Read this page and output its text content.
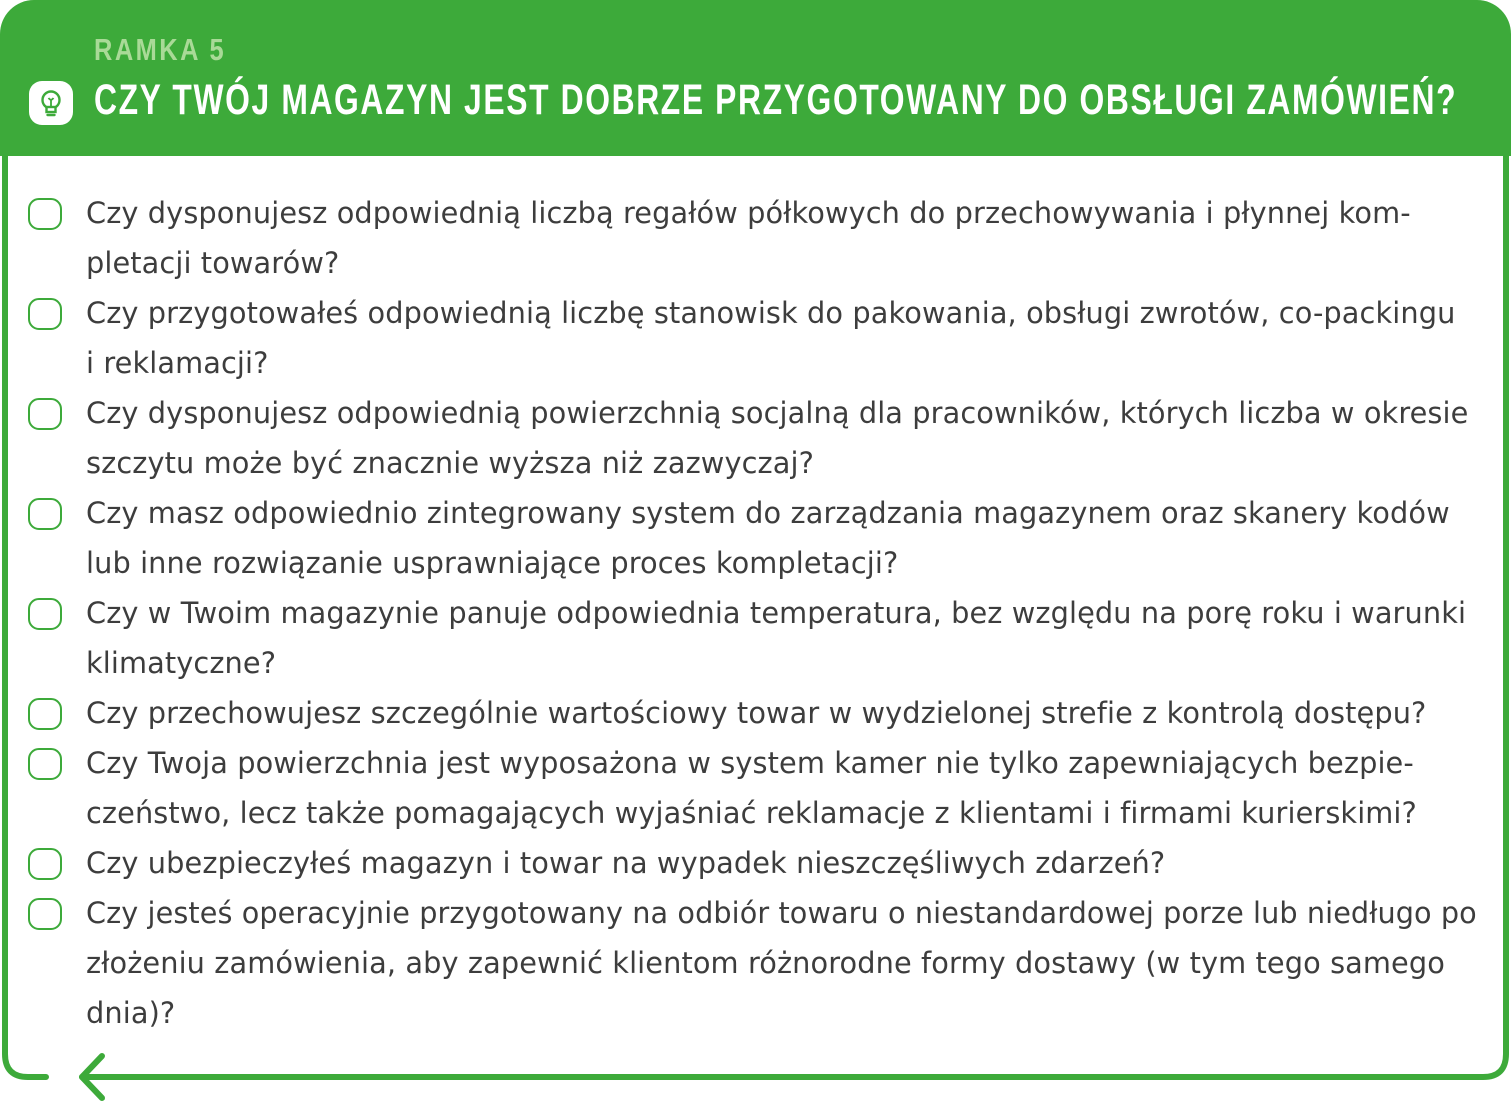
RAMKA 5
CZY TWÓJ MAGAZYN JEST DOBRZE PRZYGOTOWANY DO OBSŁUGI ZAMÓWIEŃ?
Czy dysponujesz odpowiednią liczbą regałów półkowych do przechowywania i płynnej kom-
pletacji towarów?
Czy przygotowałeś odpowiednią liczbę stanowisk do pakowania, obsługi zwrotów, co-packingu
i reklamacji?
Czy dysponujesz odpowiednią powierzchnią socjalną dla pracowników, których liczba w okresie
szczytu może być znacznie wyższa niż zazwyczaj?
Czy masz odpowiednio zintegrowany system do zarządzania magazynem oraz skanery kodów
lub inne rozwiązanie usprawniające proces kompletacji?
Czy w Twoim magazynie panuje odpowiednia temperatura, bez względu na porę roku i warunki
klimatyczne?
Czy przechowujesz szczególnie wartościowy towar w wydzielonej strefie z kontrolą dostępu?
Czy Twoja powierzchnia jest wyposażona w system kamer nie tylko zapewniających bezpie-
czeństwo, lecz także pomagających wyjaśniać reklamacje z klientami i firmami kurierskimi?
Czy ubezpieczyłeś magazyn i towar na wypadek nieszczęśliwych zdarzeń?
Czy jesteś operacyjnie przygotowany na odbiór towaru o niestandardowej porze lub niedługo po
złożeniu zamówienia, aby zapewnić klientom różnorodne formy dostawy (w tym tego samego
dnia)?
